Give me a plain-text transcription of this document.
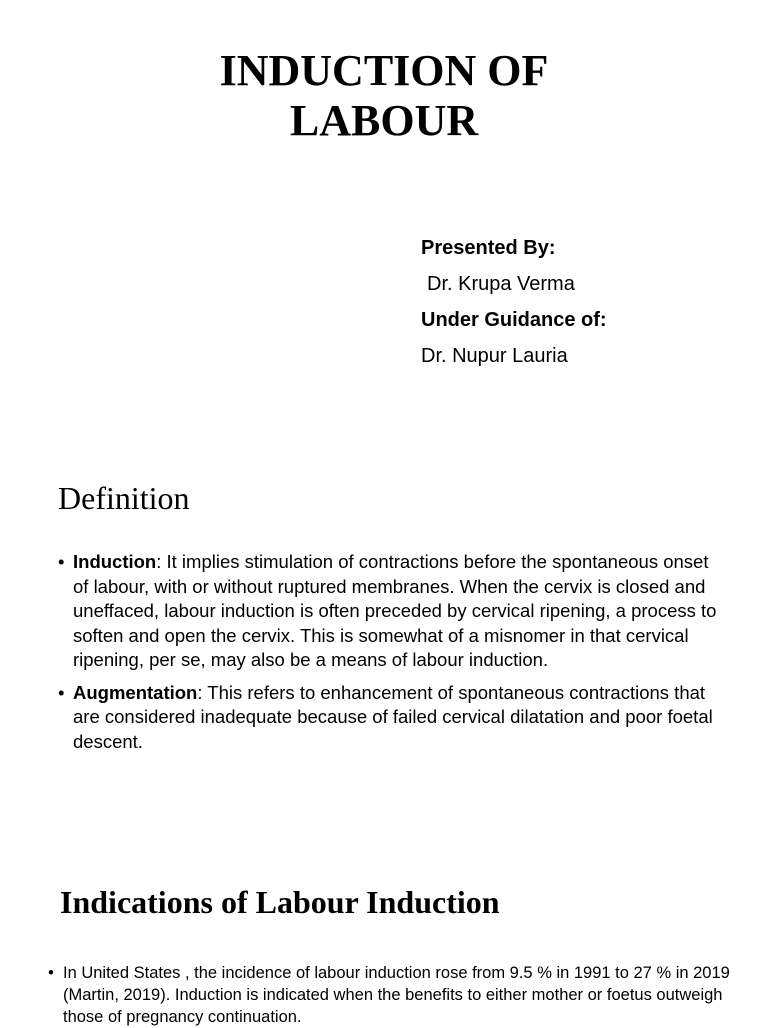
INDUCTION OF
LABOUR
Presented By:
Dr. Krupa Verma
Under Guidance of:
Dr. Nupur Lauria
Definition
• Induction: It implies stimulation of contractions before the spontaneous onset of labour, with or without ruptured membranes. When the cervix is closed and uneffaced, labour induction is often preceded by cervical ripening, a process to soften and open the cervix. This is somewhat of a misnomer in that cervical ripening, per se, may also be a means of labour induction.
• Augmentation: This refers to enhancement of spontaneous contractions that are considered inadequate because of failed cervical dilatation and poor foetal descent.
Indications of Labour Induction
• In United States , the incidence of labour induction rose from 9.5 % in 1991 to 27 % in 2019 (Martin, 2019). Induction is indicated when the benefits to either mother or foetus outweigh those of pregnancy continuation.
